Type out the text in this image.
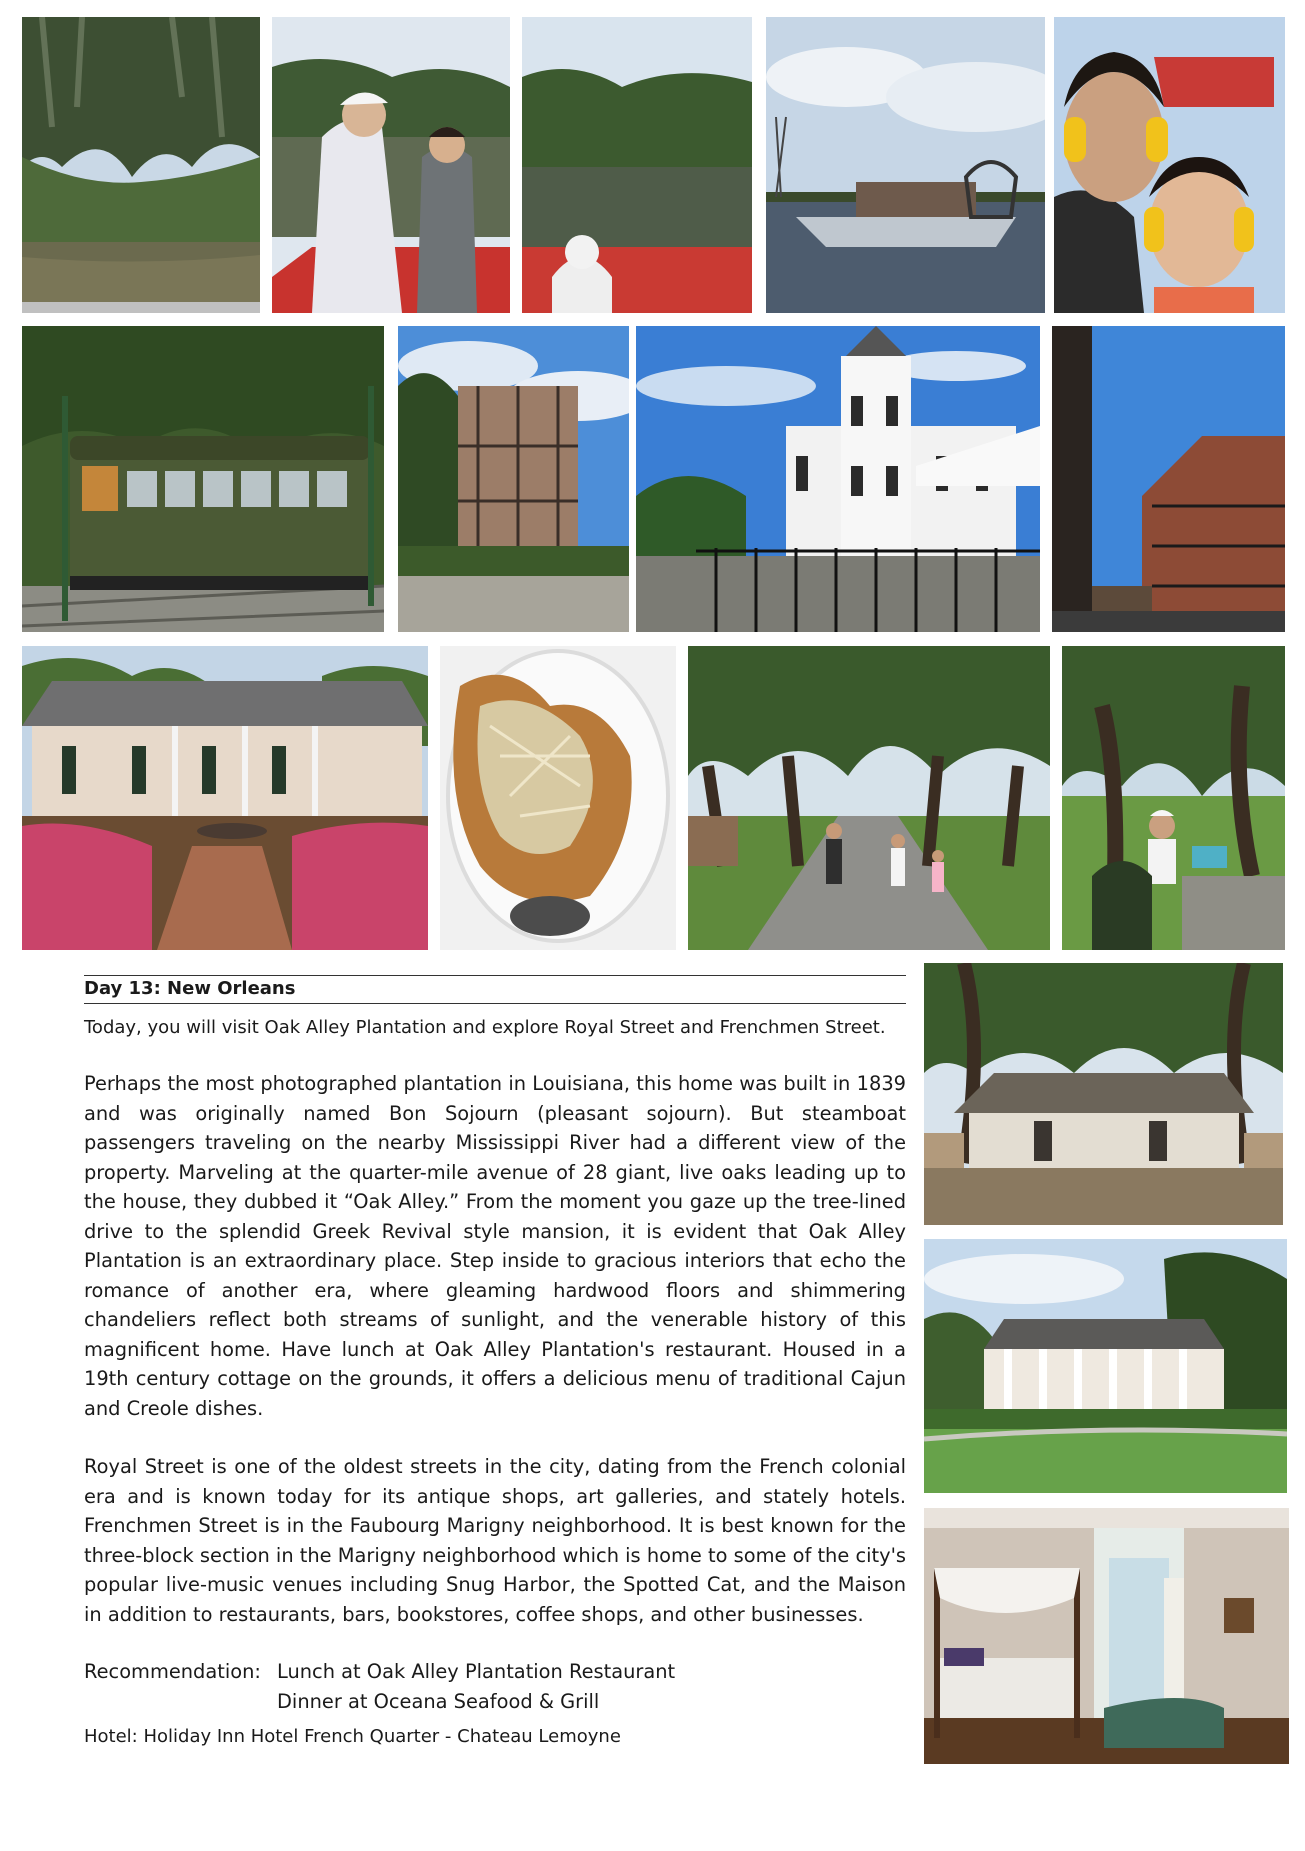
Day 13: New Orleans
Today, you will visit Oak Alley Plantation and explore Royal Street and Frenchmen Street.

Perhaps the most photographed plantation in Louisiana, this home was built in 1839 and was originally named Bon Sojourn (pleasant sojourn). But steamboat passengers traveling on the nearby Mississippi River had a different view of the property. Marveling at the quarter-mile avenue of 28 giant, live oaks leading up to the house, they dubbed it “Oak Alley.” From the moment you gaze up the tree-lined drive to the splendid Greek Revival style mansion, it is evident that Oak Alley Plantation is an extraordinary place. Step inside to gracious interiors that echo the romance of another era, where gleaming hardwood floors and shimmering chandeliers reflect both streams of sunlight, and the venerable history of this magnificent home. Have lunch at Oak Alley Plantation's restaurant. Housed in a 19th century cottage on the grounds, it offers a delicious menu of traditional Cajun and Creole dishes.

Royal Street is one of the oldest streets in the city, dating from the French colonial era and is known today for its antique shops, art galleries, and stately hotels. Frenchmen Street is in the Faubourg Marigny neighborhood. It is best known for the three-block section in the Marigny neighborhood which is home to some of the city's popular live-music venues including Snug Harbor, the Spotted Cat, and the Maison in addition to restaurants, bars, bookstores, coffee shops, and other businesses.

Recommendation: Lunch at Oak Alley Plantation Restaurant
Dinner at Oceana Seafood & Grill
Hotel: Holiday Inn Hotel French Quarter - Chateau Lemoyne
